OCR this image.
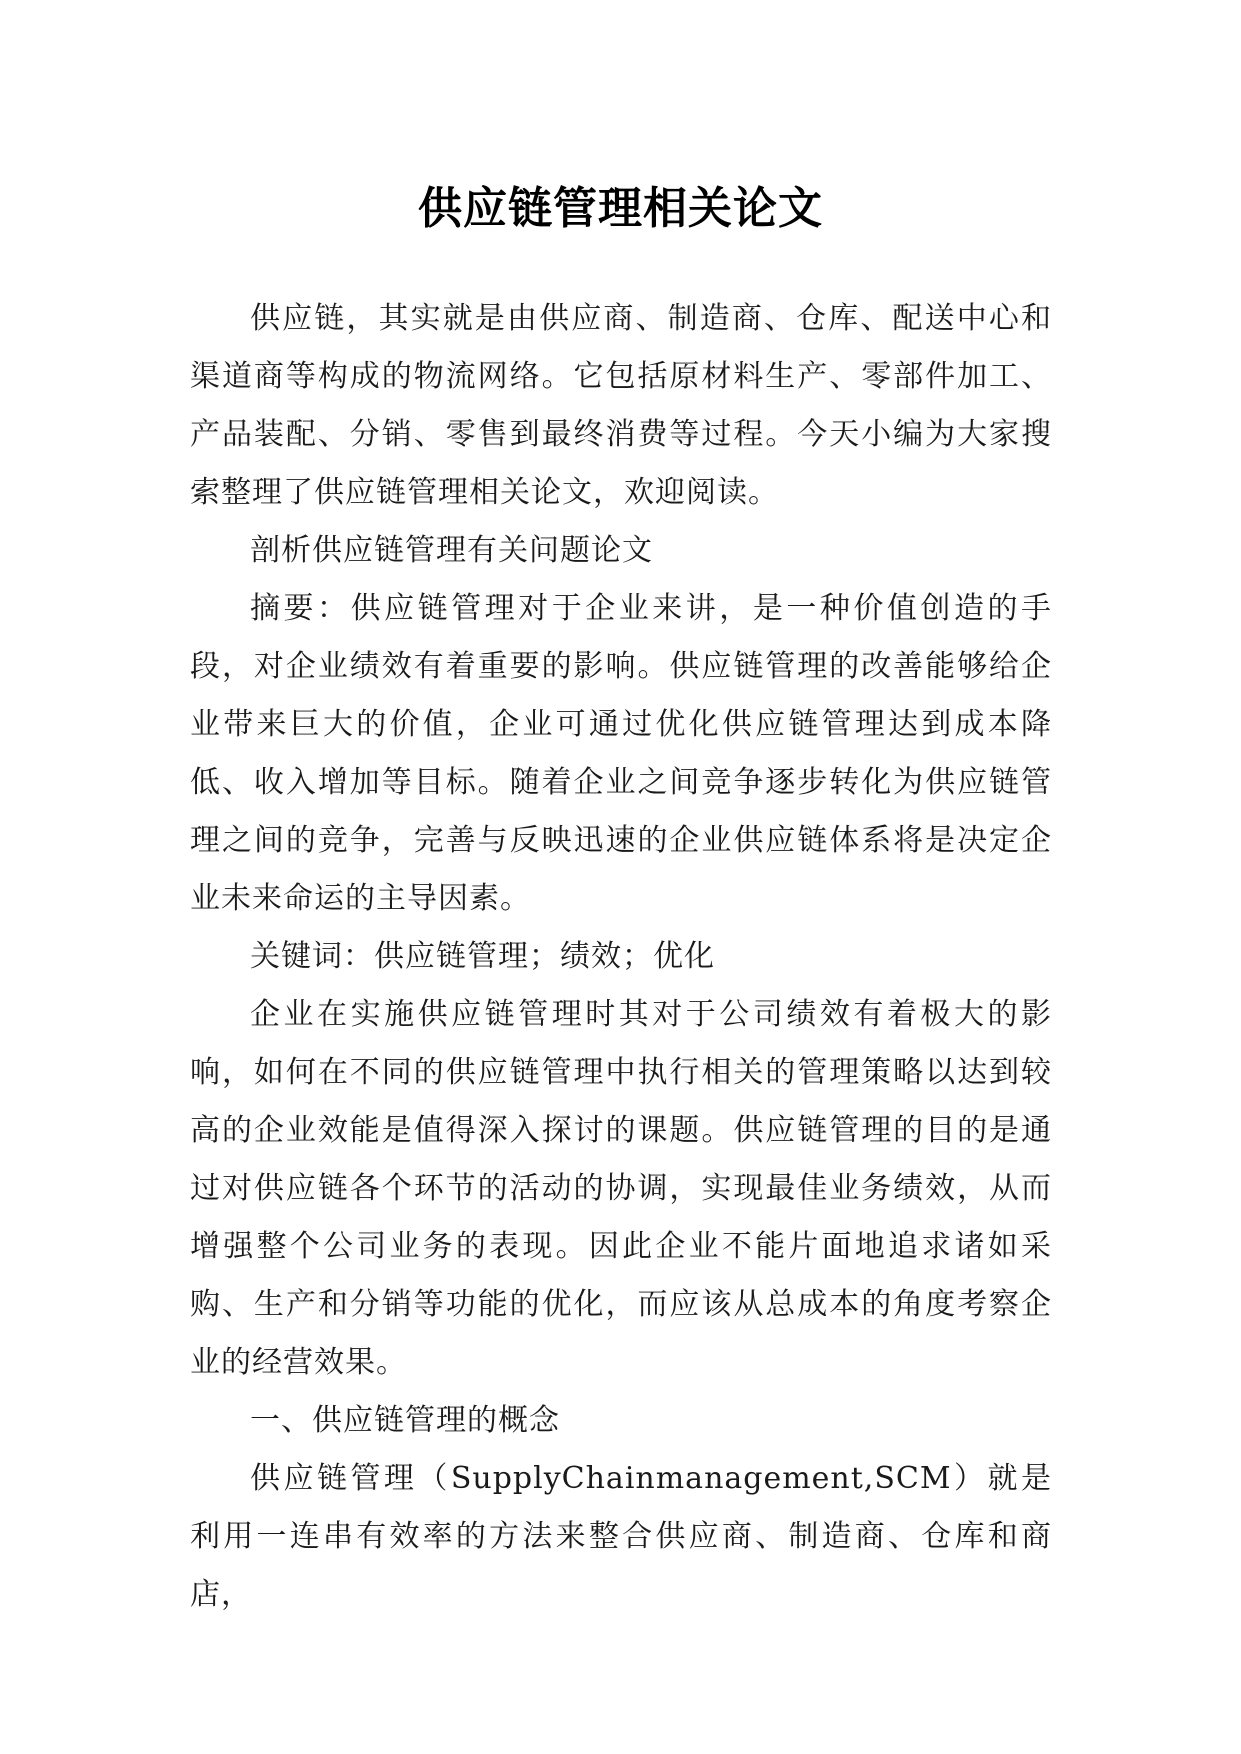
供应链管理相关论文

供应链，其实就是由供应商、制造商、仓库、配送中心和渠道商等构成的物流网络。它包括原材料生产、零部件加工、产品装配、分销、零售到最终消费等过程。今天小编为大家搜索整理了供应链管理相关论文，欢迎阅读。

剖析供应链管理有关问题论文

摘要：供应链管理对于企业来讲，是一种价值创造的手段，对企业绩效有着重要的影响。供应链管理的改善能够给企业带来巨大的价值，企业可通过优化供应链管理达到成本降低、收入增加等目标。随着企业之间竞争逐步转化为供应链管理之间的竞争，完善与反映迅速的企业供应链体系将是决定企业未来命运的主导因素。

关键词：供应链管理；绩效；优化

企业在实施供应链管理时其对于公司绩效有着极大的影响，如何在不同的供应链管理中执行相关的管理策略以达到较高的企业效能是值得深入探讨的课题。供应链管理的目的是通过对供应链各个环节的活动的协调，实现最佳业务绩效，从而增强整个公司业务的表现。因此企业不能片面地追求诸如采购、生产和分销等功能的优化，而应该从总成本的角度考察企业的经营效果。

一、供应链管理的概念

供应链管理（SupplyChainmanagement,SCM）就是利用一连串有效率的方法来整合供应商、制造商、仓库和商店，
